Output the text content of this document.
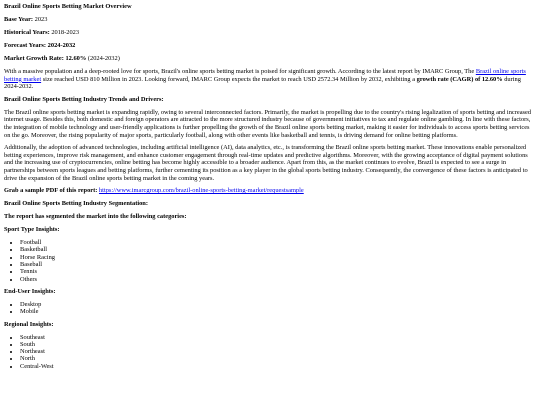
Brazil Online Sports Betting Market Overview
Base Year: 2023
Historical Years: 2018-2023
Forecast Years: 2024-2032
Market Growth Rate: 12.60% (2024-2032)
With a massive population and a deep-rooted love for sports, Brazil's online sports betting market is poised for significant growth. According to the latest report by IMARC Group, The Brazil online sports betting market size reached USD 810 Million in 2023. Looking forward, IMARC Group expects the market to reach USD 2572.34 Million by 2032, exhibiting a growth rate (CAGR) of 12.60% during 2024-2032.
Brazil Online Sports Betting Industry Trends and Drivers:
The Brazil online sports betting market is expanding rapidly, owing to several interconnected factors. Primarily, the market is propelling due to the country's rising legalization of sports betting and increased internet usage. Besides this, both domestic and foreign operators are attracted to the more structured industry because of government initiatives to tax and regulate online gambling. In line with these factors, the integration of mobile technology and user-friendly applications is further propelling the growth of the Brazil online sports betting market, making it easier for individuals to access sports betting services on the go. Moreover, the rising popularity of major sports, particularly football, along with other events like basketball and tennis, is driving demand for online betting platforms.
Additionally, the adoption of advanced technologies, including artificial intelligence (AI), data analytics, etc., is transforming the Brazil online sports betting market. These innovations enable personalized betting experiences, improve risk management, and enhance customer engagement through real-time updates and predictive algorithms. Moreover, with the growing acceptance of digital payment solutions and the increasing use of cryptocurrencies, online betting has become highly accessible to a broader audience. Apart from this, as the market continues to evolve, Brazil is expected to see a surge in partnerships between sports leagues and betting platforms, further cementing its position as a key player in the global sports betting industry. Consequently, the convergence of these factors is anticipated to drive the expansion of the Brazil online sports betting market in the coming years.
Grab a sample PDF of this report: https://www.imarcgroup.com/brazil-online-sports-betting-market/requestsample
Brazil Online Sports Betting Industry Segmentation:
The report has segmented the market into the following categories:
Sport Type Insights:
• Football
• Basketball
• Horse Racing
• Baseball
• Tennis
• Others
End-User Insights:
• Desktop
• Mobile
Regional Insights:
• Southeast
• South
• Northeast
• North
• Central-West
